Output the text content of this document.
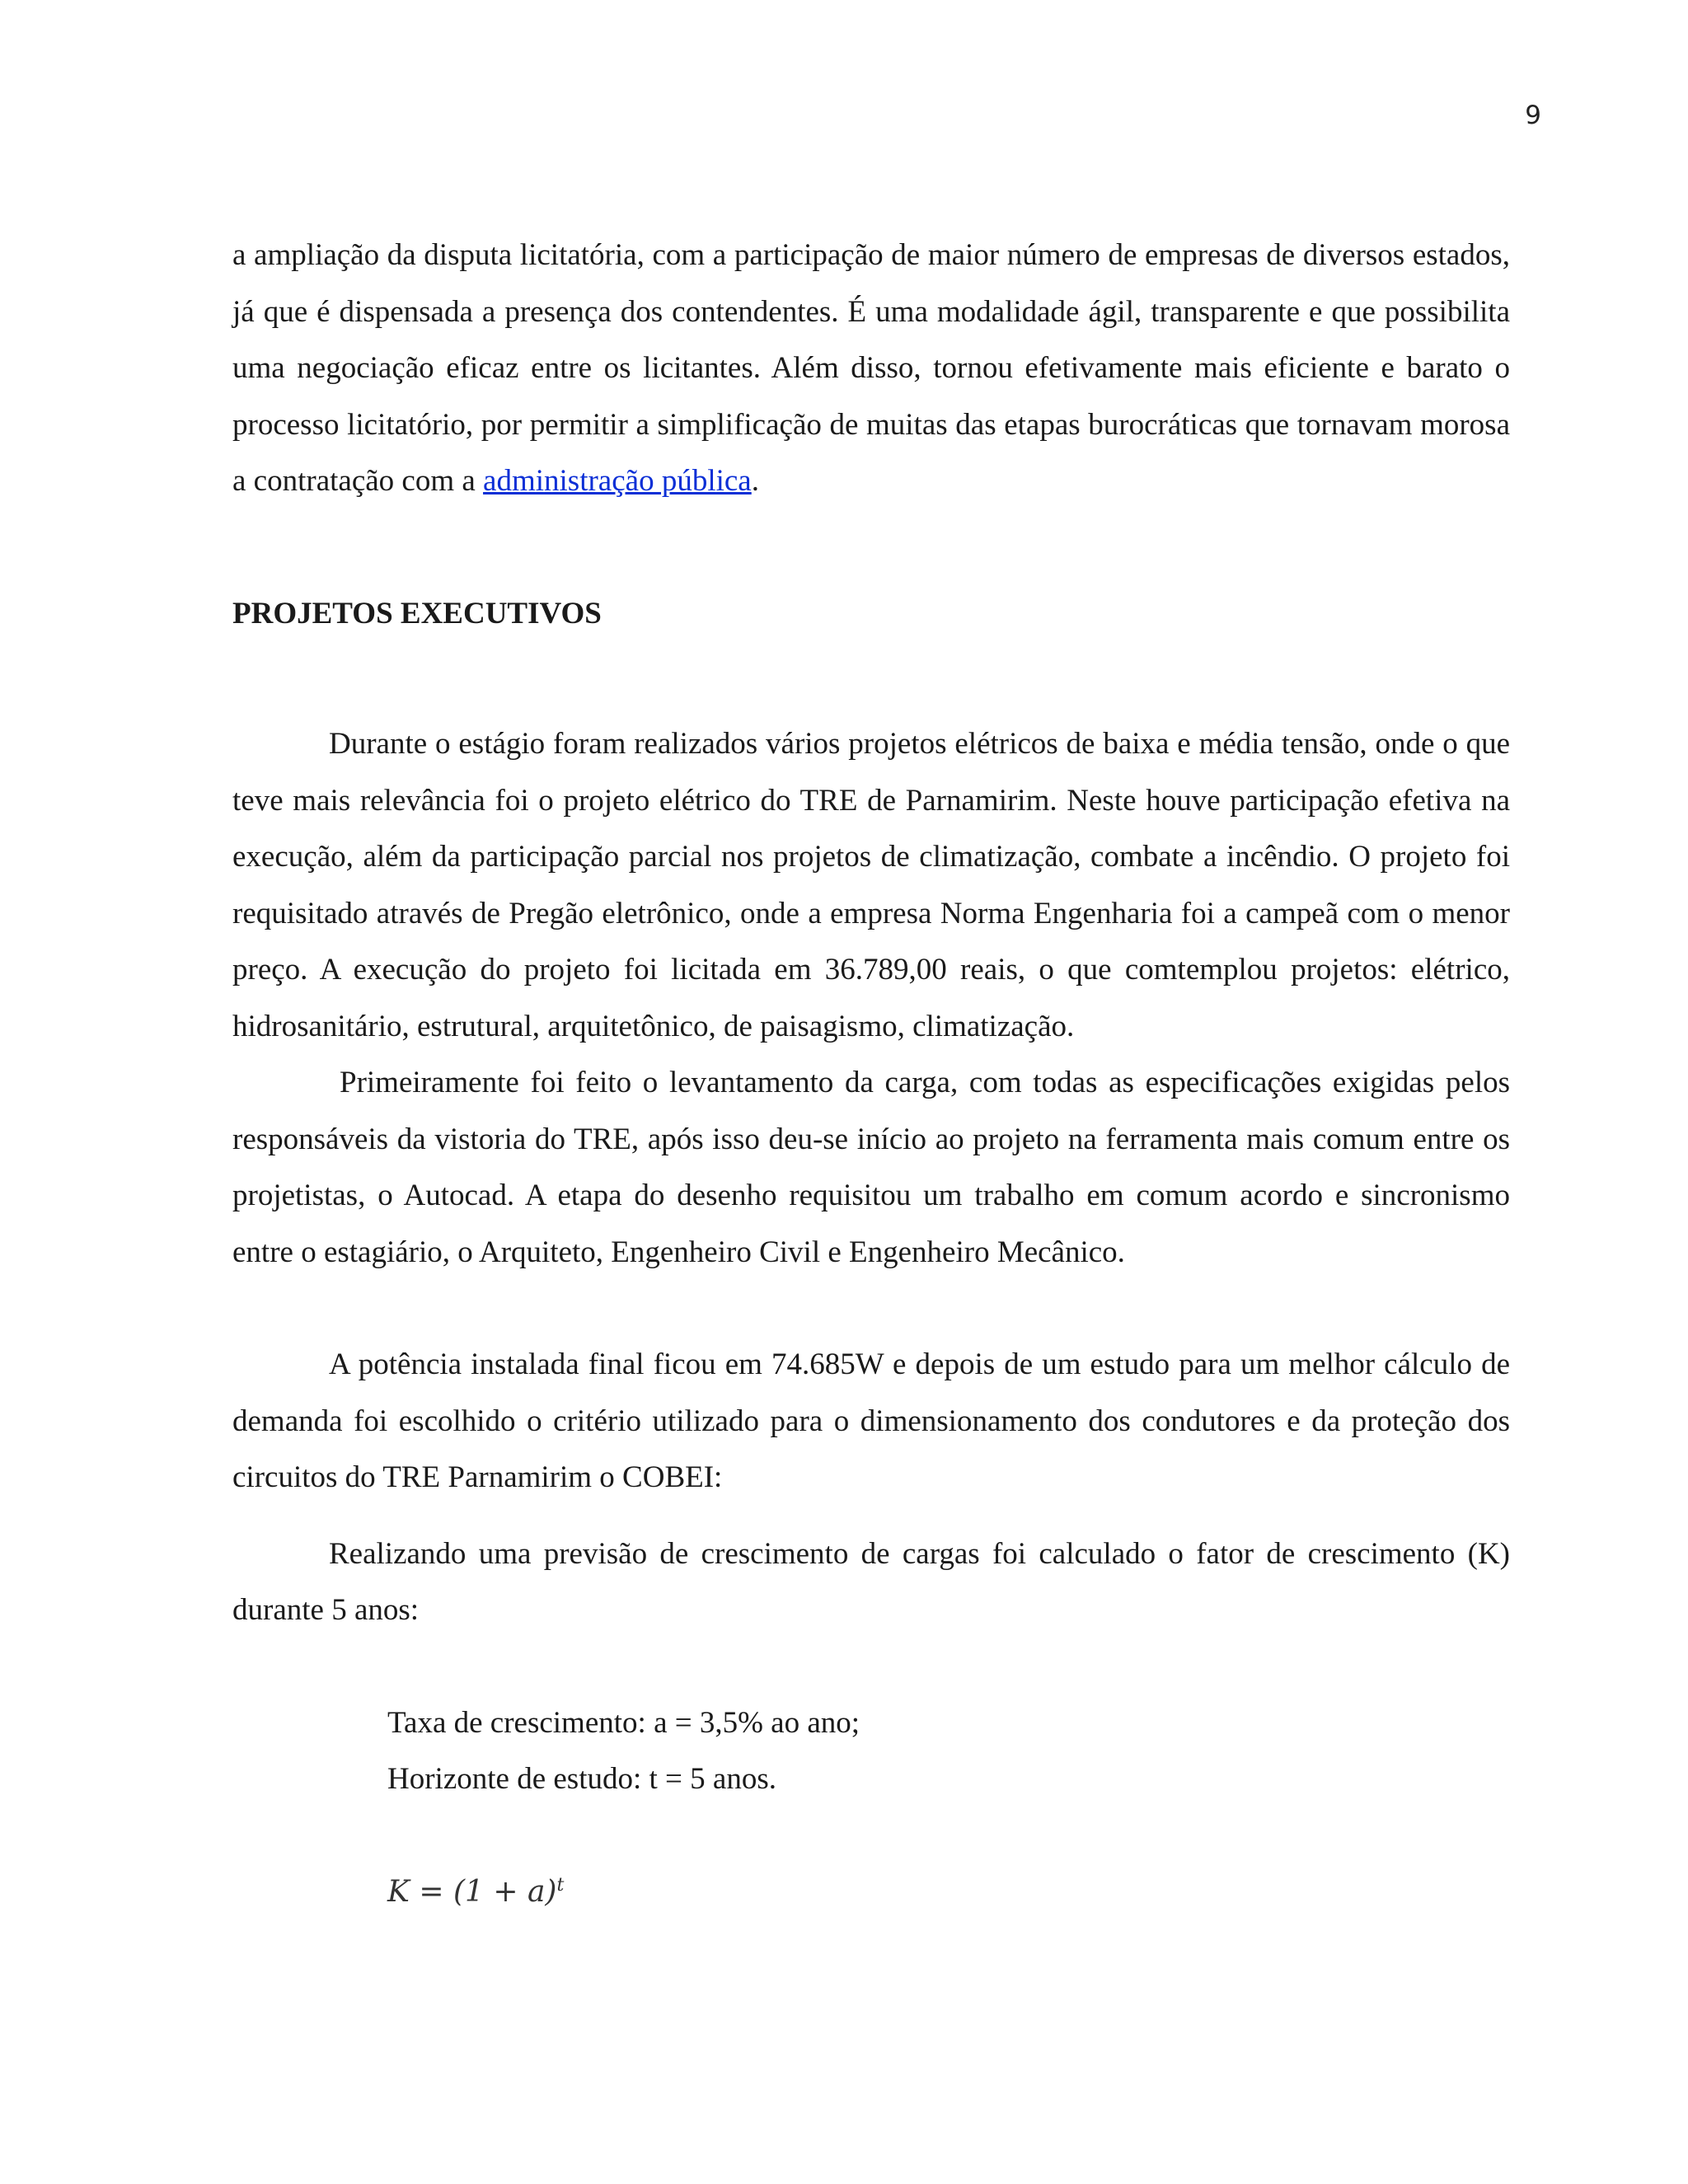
9

a ampliação da disputa licitatória, com a participação de maior número de empresas de diversos estados, já que é dispensada a presença dos contendentes. É uma modalidade ágil, transparente e que possibilita uma negociação eficaz entre os licitantes. Além disso, tornou efetivamente mais eficiente e barato o processo licitatório, por permitir a simplificação de muitas das etapas burocráticas que tornavam morosa a contratação com a administração pública.

PROJETOS EXECUTIVOS

Durante o estágio foram realizados vários projetos elétricos de baixa e média tensão, onde o que teve mais relevância foi o projeto elétrico do TRE de Parnamirim. Neste houve participação efetiva na execução, além da participação parcial nos projetos de climatização, combate a incêndio. O projeto foi requisitado através de Pregão eletrônico, onde a empresa Norma Engenharia foi a campeã com o menor preço. A execução do projeto foi licitada em 36.789,00 reais, o que comtemplou projetos: elétrico, hidrosanitário, estrutural, arquitetônico, de paisagismo, climatização.

Primeiramente foi feito o levantamento da carga, com todas as especificações exigidas pelos responsáveis da vistoria do TRE, após isso deu-se início ao projeto na ferramenta mais comum entre os projetistas, o Autocad. A etapa do desenho requisitou um trabalho em comum acordo e sincronismo entre o estagiário, o Arquiteto, Engenheiro Civil e Engenheiro Mecânico.

A potência instalada final ficou em 74.685W e depois de um estudo para um melhor cálculo de demanda foi escolhido o critério utilizado para o dimensionamento dos condutores e da proteção dos circuitos do TRE Parnamirim o COBEI:

Realizando uma previsão de crescimento de cargas foi calculado o fator de crescimento (K) durante 5 anos:

Taxa de crescimento: a = 3,5% ao ano;
Horizonte de estudo: t = 5 anos.
$K = (1 + a)^t$
